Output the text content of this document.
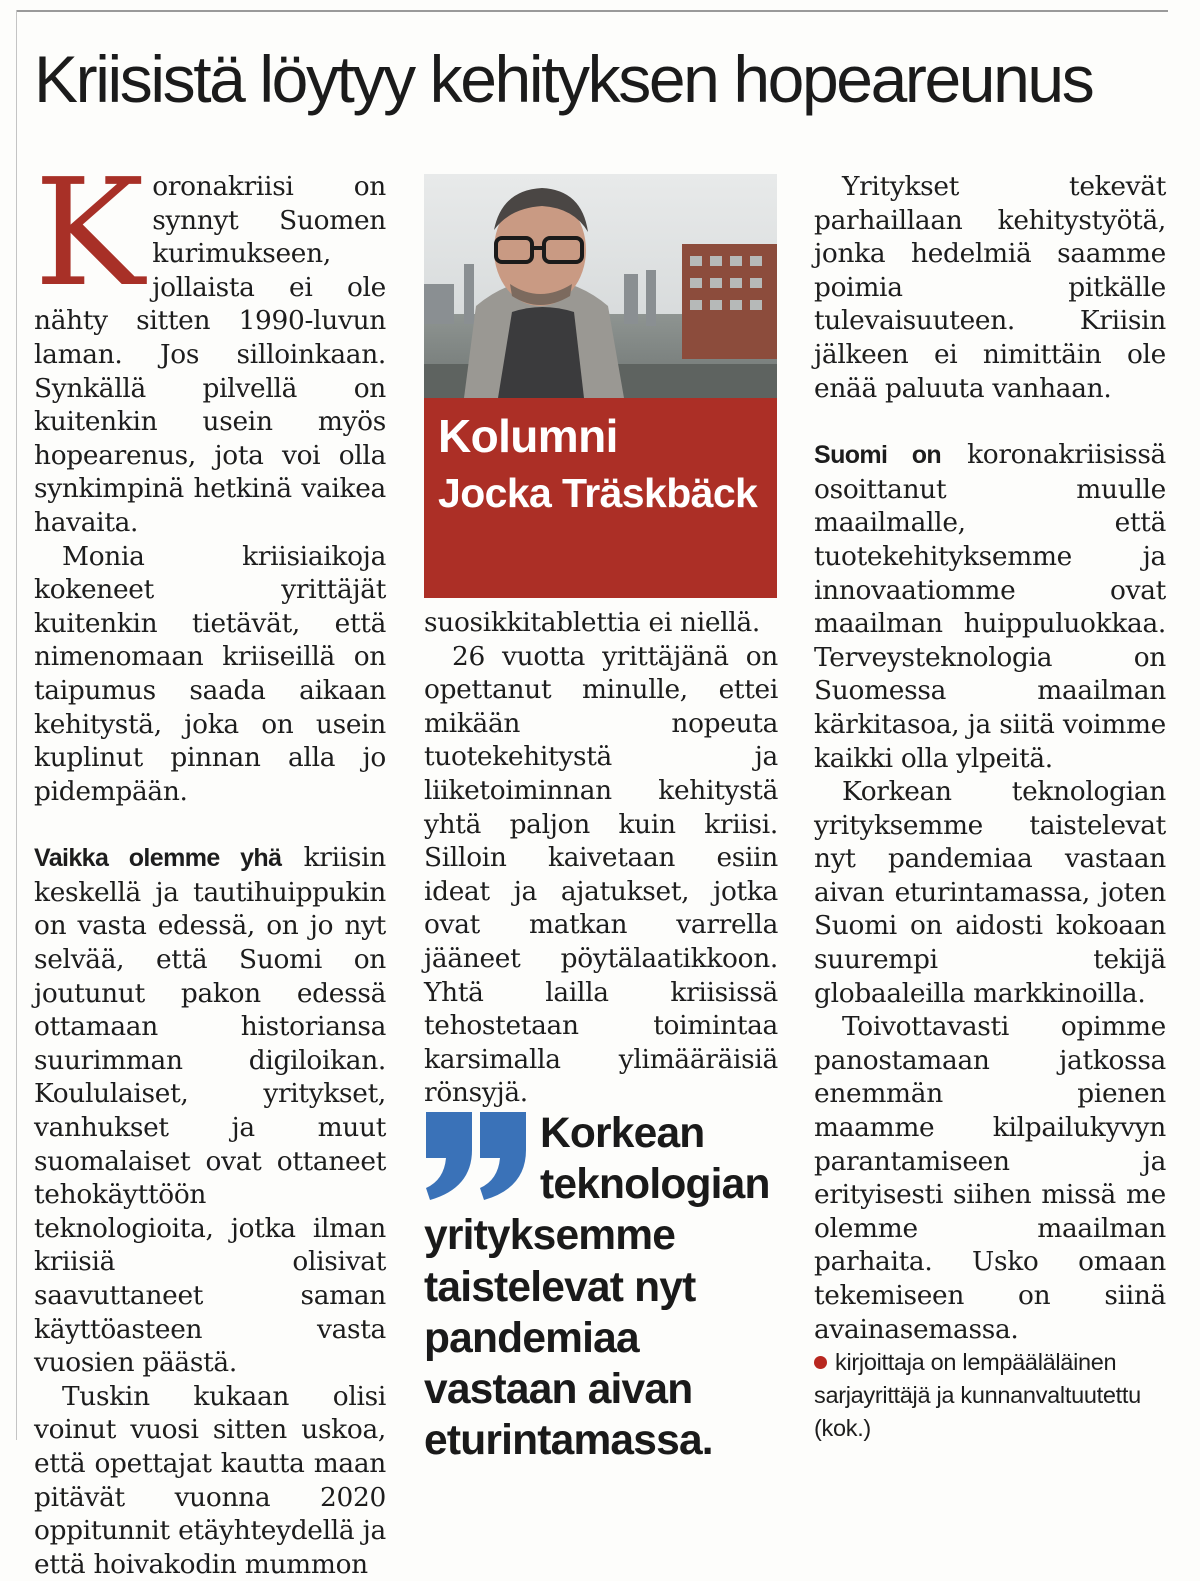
Kriisistä löytyy kehityksen hopeareunus

Koronakriisi on synnyt Suomen kurimukseen, jollaista ei ole nähty sitten 1990-luvun laman. Jos silloinkaan. Synkällä pilvellä on kuitenkin usein myös hopearenus, jota voi olla synkimpinä hetkinä vaikea havaita.

Monia kriisiaikoja kokeneet yrittäjät kuitenkin tietävät, että nimenomaan kriiseillä on taipumus saada aikaan kehitystä, joka on usein kuplinut pinnan alla jo pidempään.

Vaikka olemme yhä kriisin keskellä ja tautihuippukin on vasta edessä, on jo nyt selvää, että Suomi on joutunut pakon edessä ottamaan historiansa suurimman digiloikan. Koululaiset, yritykset, vanhukset ja muut suomalaiset ovat ottaneet tehokäyttöön teknologioita, jotka ilman kriisiä olisivat saavuttaneet saman käyttöasteen vasta vuosien päästä.

Tuskin kukaan olisi voinut vuosi sitten uskoa, että opettajat kautta maan pitävät vuonna 2020 oppitunnit etäyhteydellä ja että hoivakodin mummon

Kolumni
Jocka Träskbäck

suosikkitablettia ei niellä.

26 vuotta yrittäjänä on opettanut minulle, ettei mikään nopeuta tuotekehitystä ja liiketoiminnan kehitystä yhtä paljon kuin kriisi. Silloin kaivetaan esiin ideat ja ajatukset, jotka ovat matkan varrella jääneet pöytälaatikkoon. Yhtä lailla kriisissä tehostetaan toimintaa karsimalla ylimääräisiä rönsyjä.

Korkean teknologian yrityksemme taistelevat nyt pandemiaa vastaan aivan eturintamassa.

Yritykset tekevät parhaillaan kehitystyötä, jonka hedelmiä saamme poimia pitkälle tulevaisuuteen. Kriisin jälkeen ei nimittäin ole enää paluuta vanhaan.

Suomi on koronakriisissä osoittanut muulle maailmalle, että tuotekehityksemme ja innovaatiomme ovat maailman huippuluokkaa. Terveysteknologia on Suomessa maailman kärkitasoa, ja siitä voimme kaikki olla ylpeitä.

Korkean teknologian yrityksemme taistelevat nyt pandemiaa vastaan aivan eturintamassa, joten Suomi on aidosti kokoaan suurempi tekijä globaaleilla markkinoilla.

Toivottavasti opimme panostamaan jatkossa enemmän pienen maamme kilpailukyvyn parantamiseen ja erityisesti siihen missä me olemme maailman parhaita. Usko omaan tekemiseen on siinä avainasemassa.

kirjoittaja on lempääläläinen sarjayrittäjä ja kunnanvaltuutettu (kok.)
